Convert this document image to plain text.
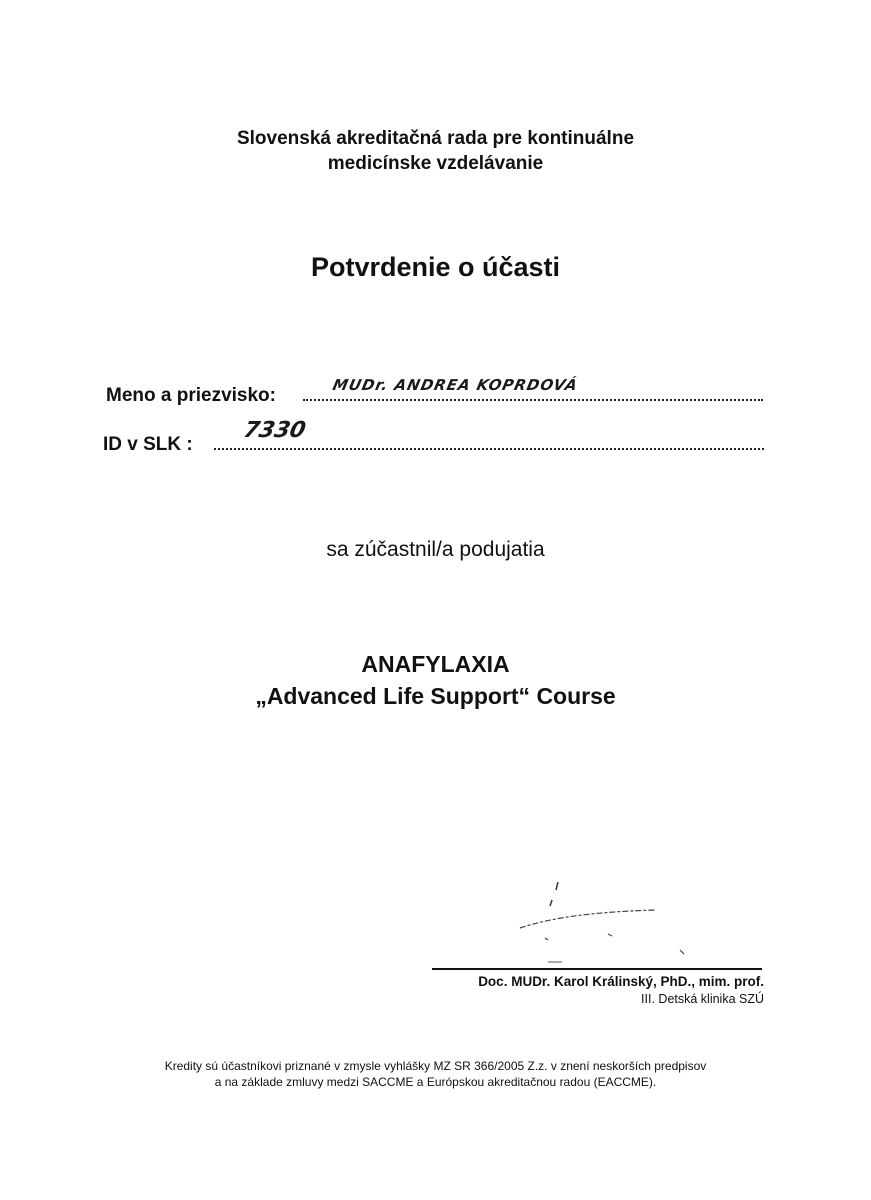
Slovenská akreditačná rada pre kontinuálne
medicínske vzdelávanie
Potvrdenie o účasti
Meno a priezvisko:	MUDr. ANDREA KOPRDOVÁ
ID v SLK :
7330
sa zúčastnil/a podujatia
ANAFYLAXIA
„Advanced Life Support“ Course
Doc. MUDr. Karol Králinský, PhD., mim. prof.
III. Detská klinika SZÚ
Kredity sú účastníkovi priznané v zmysle vyhlášky MZ SR 366/2005 Z.z. v znení neskorších predpisov
a na základe zmluvy medzi SACCME a Európskou akreditačnou radou (EACCME).
